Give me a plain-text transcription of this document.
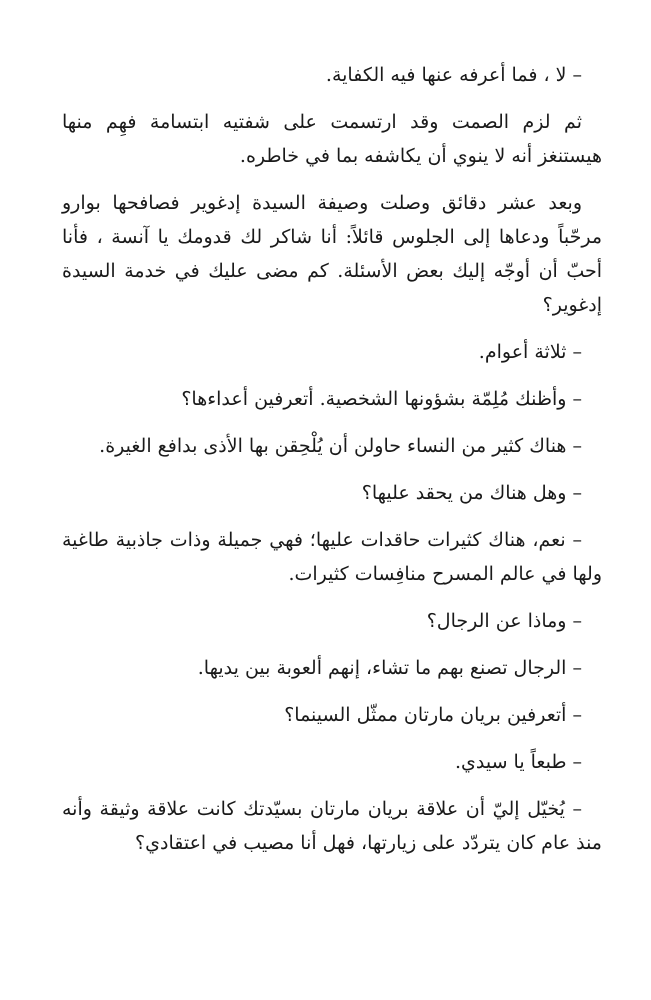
– لا ، فما أعرفه عنها فيه الكفاية.

ثم لزم الصمت وقد ارتسمت على شفتيه ابتسامة فهِم منها هيستنغز أنه لا ينوي أن يكاشفه بما في خاطره.

وبعد عشر دقائق وصلت وصيفة السيدة إدغوير فصافحها بوارو مرحّباً ودعاها إلى الجلوس قائلاً: أنا شاكر لك قدومك يا آنسة ، فأنا أحبّ أن أوجّه إليك بعض الأسئلة. كم مضى عليك في خدمة السيدة إدغوير؟

– ثلاثة أعوام.

– وأظنك مُلِمّة بشؤونها الشخصية. أتعرفين أعداءها؟

– هناك كثير من النساء حاولن أن يُلْحِقن بها الأذى بدافع الغيرة.

– وهل هناك من يحقد عليها؟

– نعم، هناك كثيرات حاقدات عليها؛ فهي جميلة وذات جاذبية طاغية ولها في عالم المسرح منافِسات كثيرات.

– وماذا عن الرجال؟

– الرجال تصنع بهم ما تشاء، إنهم ألعوبة بين يديها.

– أتعرفين بريان مارتان ممثّل السينما؟

– طبعاً يا سيدي.

– يُخيّل إليّ أن علاقة بريان مارتان بسيّدتك كانت علاقة وثيقة وأنه منذ عام كان يتردّد على زيارتها، فهل أنا مصيب في اعتقادي؟
